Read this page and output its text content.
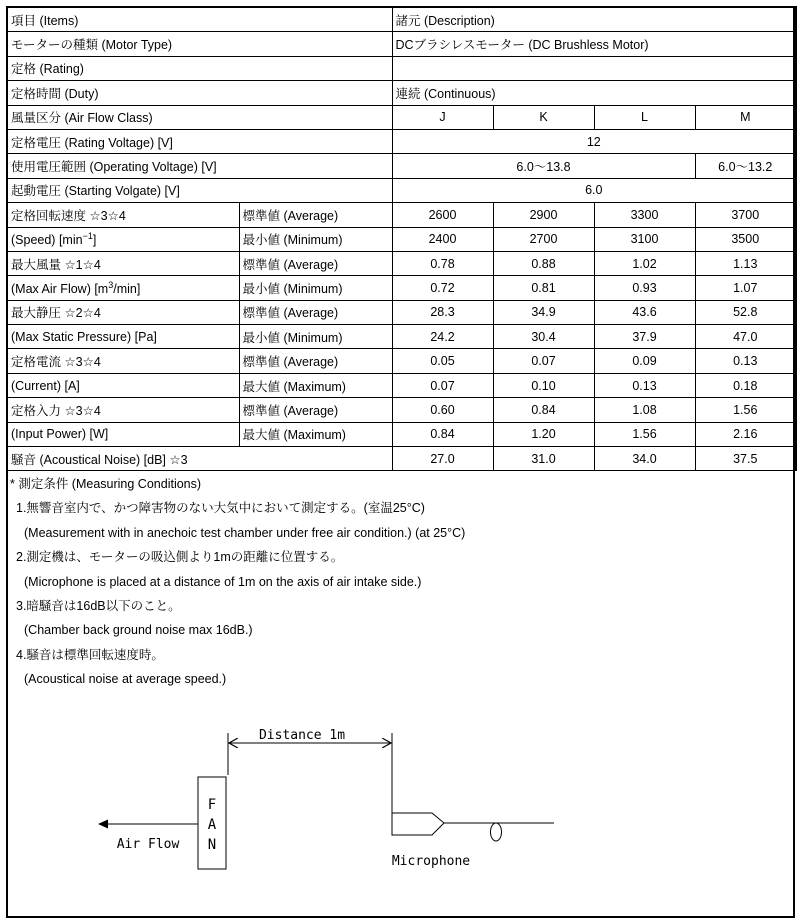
項目 (Items)		諸元 (Description)			
モーターの種類 (Motor Type)		DCブラシレスモーター (DC Brushless Motor)			
定格 (Rating)					
定格時間 (Duty)		連続 (Continuous)			
風量区分 (Air Flow Class)		J	K	L	M
定格電圧 (Rating Voltage) [V]		12			
使用電圧範囲 (Operating Voltage) [V]		6.0～13.8			6.0～13.2
起動電圧 (Starting Volgate) [V]		6.0			
定格回転速度 ☆3☆4	標準値 (Average)	2600	2900	3300	3700
(Speed) $[\min^{-1}]$	最小値 (Minimum)	2400	2700	3100	3500
最大風量 ☆1☆4	標準値 (Average)	0.78	0.88	1.02	1.13
(Max Air Flow) $[m^3/\min]$	最小値 (Minimum)	0.72	0.81	0.93	1.07
最大静圧 ☆2☆4	標準値 (Average)	28.3	34.9	43.6	52.8
(Max Static Pressure) [Pa]	最小値 (Minimum)	24.2	30.4	37.9	47.0
定格電流 ☆3☆4	標準値 (Average)	0.05	0.07	0.09	0.13
(Current) [A]	最大値 (Maximum)	0.07	0.10	0.13	0.18
定格入力 ☆3☆4	標準値 (Average)	0.60	0.84	1.08	1.56
(Input Power) [W]	最大値 (Maximum)	0.84	1.20	1.56	2.16
騒音 (Acoustical Noise) [dB] ☆3		27.0	31.0	34.0	37.5
* 測定条件 (Measuring Conditions)
1.無響音室内で、かつ障害物のない大気中において測定する。(室温25°C)
(Measurement with in anechoic test chamber under free air condition.) (at 25°C)
2.測定機は、モーターの吸込側より1mの距離に位置する。
(Microphone is placed at a distance of 1m on the axis of air intake side.)
3.暗騒音は16dB以下のこと。
(Chamber back ground noise max 16dB.)
4.騒音は標準回転速度時。
(Acoustical noise at average speed.)
Distance 1m
F
A
N
Air Flow
Microphone
